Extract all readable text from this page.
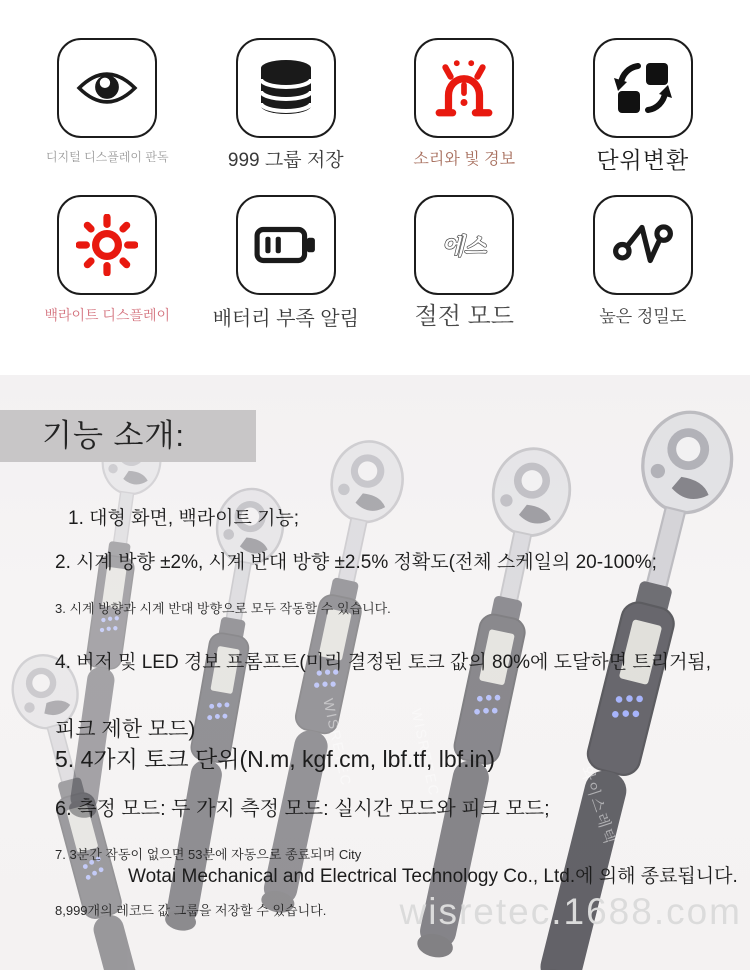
디지털 디스플레이 판독	999 그룹 저장	소리와 빛 경보	단위변환
백라이트 디스플레이 배터리 부족 알림
에스
절전 모드	높은 정밀도
WISRETEC	WISRETEC
와이스레텍
기능 소개:
1. 대형 화면, 백라이트 기능;
2. 시계 방향 ±2%, 시계 반대 방향 ±2.5% 정확도(전체 스케일의 20-100%;
3. 시계 방향과 시계 반대 방향으로 모두 작동할 수 있습니다.
4. 버저 및 LED 경보 프롬프트(미리 결정된 토크 값의 80%에 도달하면 트리거됨,
피크 제한 모드)
5. 4가지 토크 단위(N.m, kgf.cm, lbf.tf, lbf.in)
6. 측정 모드: 두 가지 측정 모드: 실시간 모드와 피크 모드;
7. 3분간 작동이 없으면 53분에 자동으로 종료되며 City
Wotai Mechanical and Electrical Technology Co., Ltd.에 의해 종료됩니다.
8,999개의 레코드 값 그룹을 저장할 수 있습니다. wisretec.1688.com
